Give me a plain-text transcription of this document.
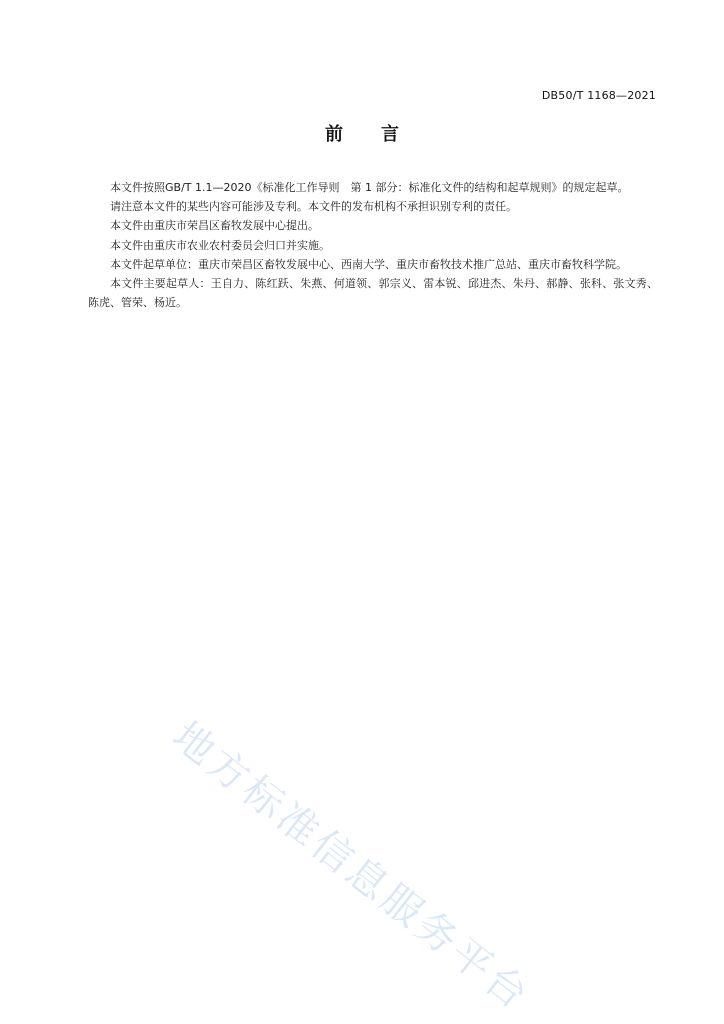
DB50/T 1168—2021
前 言

本文件按照GB/T 1.1—2020《标准化工作导则　第 1 部分：标准化文件的结构和起草规则》的规定起草。

请注意本文件的某些内容可能涉及专利。本文件的发布机构不承担识别专利的责任。

本文件由重庆市荣昌区畜牧发展中心提出。

本文件由重庆市农业农村委员会归口并实施。

本文件起草单位：重庆市荣昌区畜牧发展中心、西南大学、重庆市畜牧技术推广总站、重庆市畜牧科学院。

本文件主要起草人：王自力、陈红跃、朱燕、何道领、郭宗义、雷本锐、邱进杰、朱丹、郝静、张科、张文秀、陈虎、管荣、杨近。

地方标准信息服务平台
